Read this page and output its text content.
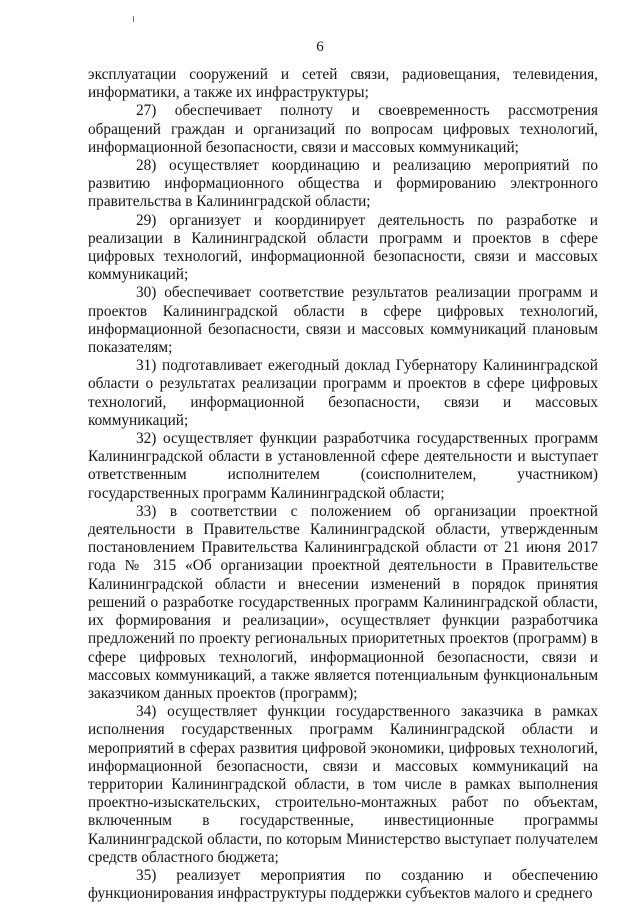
6

эксплуатации сооружений и сетей связи, радиовещания, телевидения, информатики, а также их инфраструктуры;

27) обеспечивает полноту и своевременность рассмотрения обращений граждан и организаций по вопросам цифровых технологий, информационной безопасности, связи и массовых коммуникаций;

28) осуществляет координацию и реализацию мероприятий по развитию информационного общества и формированию электронного правительства в Калининградской области;

29) организует и координирует деятельность по разработке и реализации в Калининградской области программ и проектов в сфере цифровых технологий, информационной безопасности, связи и массовых коммуникаций;

30) обеспечивает соответствие результатов реализации программ и проектов Калининградской области в сфере цифровых технологий, информационной безопасности, связи и массовых коммуникаций плановым показателям;

31) подготавливает ежегодный доклад Губернатору Калининградской области о результатах реализации программ и проектов в сфере цифровых технологий, информационной безопасности, связи и массовых коммуникаций;

32) осуществляет функции разработчика государственных программ Калининградской области в установленной сфере деятельности и выступает ответственным исполнителем (соисполнителем, участником) государственных программ Калининградской области;

33) в соответствии с положением об организации проектной деятельности в Правительстве Калининградской области, утвержденным постановлением Правительства Калининградской области от 21 июня 2017 года № 315 «Об организации проектной деятельности в Правительстве Калининградской области и внесении изменений в порядок принятия решений о разработке государственных программ Калининградской области, их формирования и реализации», осуществляет функции разработчика предложений по проекту региональных приоритетных проектов (программ) в сфере цифровых технологий, информационной безопасности, связи и массовых коммуникаций, а также является потенциальным функциональным заказчиком данных проектов (программ);

34) осуществляет функции государственного заказчика в рамках исполнения государственных программ Калининградской области и мероприятий в сферах развития цифровой экономики, цифровых технологий, информационной безопасности, связи и массовых коммуникаций на территории Калининградской области, в том числе в рамках выполнения проектно-изыскательских, строительно-монтажных работ по объектам, включенным в государственные, инвестиционные программы Калининградской области, по которым Министерство выступает получателем средств областного бюджета;

35) реализует мероприятия по созданию и обеспечению функционирования инфраструктуры поддержки субъектов малого и среднего
